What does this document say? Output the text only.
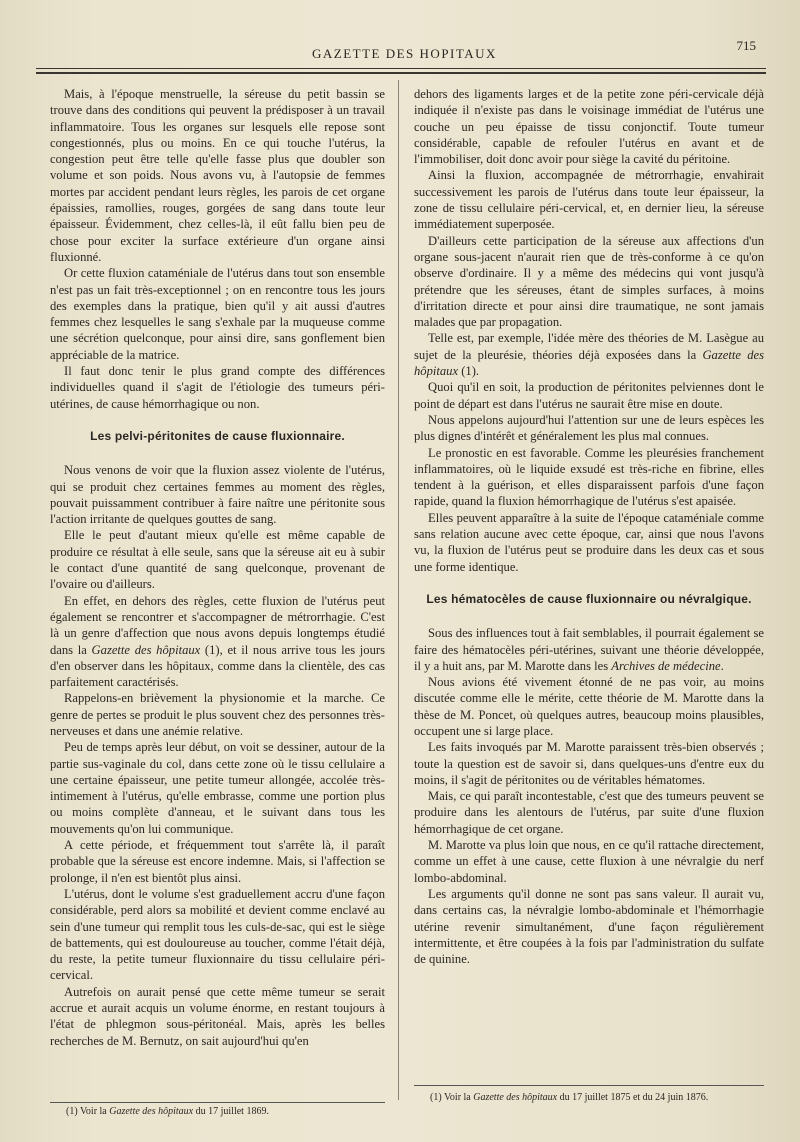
GAZETTE DES HOPITAUX
715

Mais, à l'époque menstruelle, la séreuse du petit bassin se trouve dans des conditions qui peuvent la prédisposer à un travail inflammatoire. Tous les organes sur lesquels elle repose sont congestionnés, plus ou moins. En ce qui touche l'utérus, la congestion peut être telle qu'elle fasse plus que doubler son volume et son poids. Nous avons vu, à l'autopsie de femmes mortes par accident pendant leurs règles, les parois de cet organe épaissies, ramollies, rouges, gorgées de sang dans toute leur épaisseur. Évidemment, chez celles-là, il eût fallu bien peu de chose pour exciter la surface extérieure d'un organe ainsi fluxionné.

Or cette fluxion cataméniale de l'utérus dans tout son ensemble n'est pas un fait très-exceptionnel ; on en rencontre tous les jours des exemples dans la pratique, bien qu'il y ait aussi d'autres femmes chez lesquelles le sang s'exhale par la muqueuse comme une sécrétion quelconque, pour ainsi dire, sans gonflement bien appréciable de la matrice.

Il faut donc tenir le plus grand compte des différences individuelles quand il s'agit de l'étiologie des tumeurs péri-utérines, de cause hémorrhagique ou non.

Les pelvi-péritonites de cause fluxionnaire.

Nous venons de voir que la fluxion assez violente de l'utérus, qui se produit chez certaines femmes au moment des règles, pouvait puissamment contribuer à faire naître une péritonite sous l'action irritante de quelques gouttes de sang.

Elle le peut d'autant mieux qu'elle est même capable de produire ce résultat à elle seule, sans que la séreuse ait eu à subir le contact d'une quantité de sang quelconque, provenant de l'ovaire ou d'ailleurs.

En effet, en dehors des règles, cette fluxion de l'utérus peut également se rencontrer et s'accompagner de métrorrhagie. C'est là un genre d'affection que nous avons depuis longtemps étudié dans la Gazette des hôpitaux (1), et il nous arrive tous les jours d'en observer dans les hôpitaux, comme dans la clientèle, des cas parfaitement caractérisés.

Rappelons-en brièvement la physionomie et la marche. Ce genre de pertes se produit le plus souvent chez des personnes très-nerveuses et dans une anémie relative.

Peu de temps après leur début, on voit se dessiner, autour de la partie sus-vaginale du col, dans cette zone où le tissu cellulaire a une certaine épaisseur, une petite tumeur allongée, accolée très-intimement à l'utérus, qu'elle embrasse, comme une portion plus ou moins complète d'anneau, et le suivant dans tous les mouvements qu'on lui communique.

A cette période, et fréquemment tout s'arrête là, il paraît probable que la séreuse est encore indemne. Mais, si l'affection se prolonge, il n'en est bientôt plus ainsi.

L'utérus, dont le volume s'est graduellement accru d'une façon considérable, perd alors sa mobilité et devient comme enclavé au sein d'une tumeur qui remplit tous les culs-de-sac, qui est le siège de battements, qui est douloureuse au toucher, comme l'était déjà, du reste, la petite tumeur fluxionnaire du tissu cellulaire péri-cervical.

Autrefois on aurait pensé que cette même tumeur se serait accrue et aurait acquis un volume énorme, en restant toujours à l'état de phlegmon sous-péritonéal. Mais, après les belles recherches de M. Bernutz, on sait aujourd'hui qu'en

dehors des ligaments larges et de la petite zone péri-cervicale déjà indiquée il n'existe pas dans le voisinage immédiat de l'utérus une couche un peu épaisse de tissu conjonctif. Toute tumeur considérable, capable de refouler l'utérus en avant et de l'immobiliser, doit donc avoir pour siège la cavité du péritoine.

Ainsi la fluxion, accompagnée de métrorrhagie, envahirait successivement les parois de l'utérus dans toute leur épaisseur, la zone de tissu cellulaire péri-cervical, et, en dernier lieu, la séreuse immédiatement superposée.

D'ailleurs cette participation de la séreuse aux affections d'un organe sous-jacent n'aurait rien que de très-conforme à ce qu'on observe d'ordinaire. Il y a même des médecins qui vont jusqu'à prétendre que les séreuses, étant de simples surfaces, à moins d'irritation directe et pour ainsi dire traumatique, ne sont jamais malades que par propagation.

Telle est, par exemple, l'idée mère des théories de M. Lasègue au sujet de la pleurésie, théories déjà exposées dans la Gazette des hôpitaux (1).

Quoi qu'il en soit, la production de péritonites pelviennes dont le point de départ est dans l'utérus ne saurait être mise en doute.

Nous appelons aujourd'hui l'attention sur une de leurs espèces les plus dignes d'intérêt et généralement les plus mal connues.

Le pronostic en est favorable. Comme les pleurésies franchement inflammatoires, où le liquide exsudé est très-riche en fibrine, elles tendent à la guérison, et elles disparaissent parfois d'une façon rapide, quand la fluxion hémorrhagique de l'utérus s'est apaisée.

Elles peuvent apparaître à la suite de l'époque cataméniale comme sans relation aucune avec cette époque, car, ainsi que nous l'avons vu, la fluxion de l'utérus peut se produire dans les deux cas et sous une forme identique.

Les hématocèles de cause fluxionnaire ou névralgique.

Sous des influences tout à fait semblables, il pourrait également se faire des hématocèles péri-utérines, suivant une théorie développée, il y a huit ans, par M. Marotte dans les Archives de médecine.

Nous avions été vivement étonné de ne pas voir, au moins discutée comme elle le mérite, cette théorie de M. Marotte dans la thèse de M. Poncet, où quelques autres, beaucoup moins plausibles, occupent une si large place.

Les faits invoqués par M. Marotte paraissent très-bien observés ; toute la question est de savoir si, dans quelques-uns d'entre eux du moins, il s'agit de péritonites ou de véritables hématomes.

Mais, ce qui paraît incontestable, c'est que des tumeurs peuvent se produire dans les alentours de l'utérus, par suite d'une fluxion hémorrhagique de cet organe.

M. Marotte va plus loin que nous, en ce qu'il rattache directement, comme un effet à une cause, cette fluxion à une névralgie du nerf lombo-abdominal.

Les arguments qu'il donne ne sont pas sans valeur. Il aurait vu, dans certains cas, la névralgie lombo-abdominale et l'hémorrhagie utérine revenir simultanément, d'une façon régulièrement intermittente, et être coupées à la fois par l'administration du sulfate de quinine.

(1) Voir la Gazette des hôpitaux du 17 juillet 1869.
(1) Voir la Gazette des hôpitaux du 17 juillet 1875 et du 24 juin 1876.
